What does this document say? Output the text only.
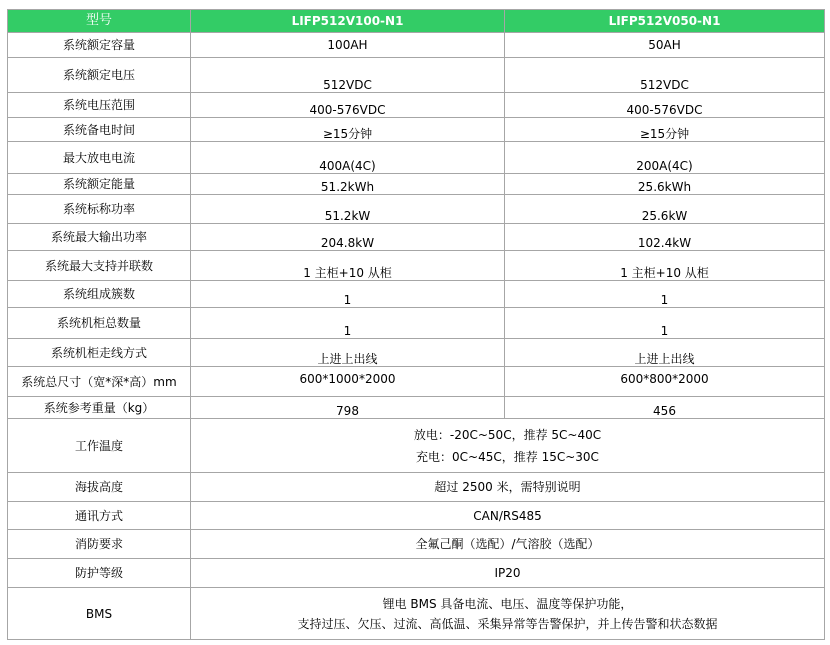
型号	LIFP512V100-N1	LIFP512V050-N1
系统额定容量	100AH	50AH
系统额定电压	512VDC	512VDC
系统电压范围	400-576VDC	400-576VDC
系统备电时间	≥15分钟	≥15分钟
最大放电电流	400A(4C)	200A(4C)
系统额定能量	51.2kWh	25.6kWh
系统标称功率	51.2kW	25.6kW
系统最大输出功率	204.8kW	102.4kW
系统最大支持并联数	1 主柜+10 从柜	1 主柜+10 从柜
系统组成簇数	1	1
系统机柜总数量	1	1
系统机柜走线方式	上进上出线	上进上出线
系统总尺寸（宽*深*高）mm	600*1000*2000	600*800*2000
系统参考重量（kg）	798	456
工作温度	放电：-20C~50C，推荐 5C~40C
充电：0C~45C，推荐 15C~30C	

海拔高度	超过 2500 米，需特别说明	

通讯方式	CAN/RS485	

消防要求	全氟己酮（选配）/气溶胶（选配）	

防护等级	IP20	

BMS	锂电 BMS 具备电流、电压、温度等保护功能，
支持过压、欠压、过流、高低温、采集异常等告警保护，并上传告警和状态数据	
